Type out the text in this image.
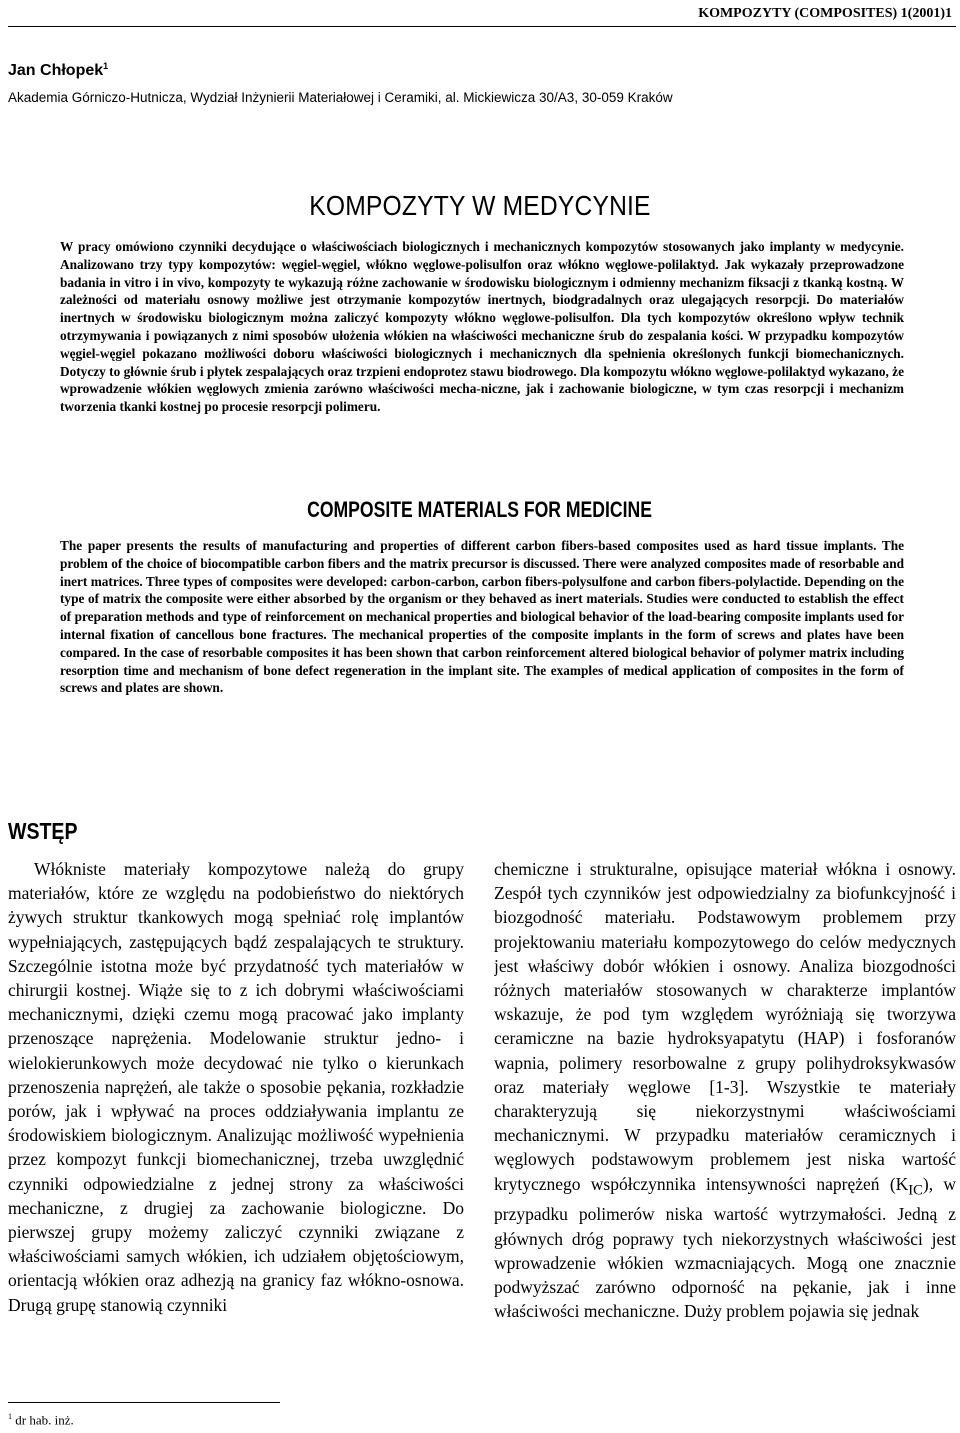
KOMPOZYTY (COMPOSITES) 1(2001)1
Jan Chłopek$^1$
Akademia Górniczo-Hutnicza, Wydział Inżynierii Materiałowej i Ceramiki, al. Mickiewicza 30/A3, 30-059 Kraków
KOMPOZYTY W MEDYCYNIE
W pracy omówiono czynniki decydujące o właściwościach biologicznych i mechanicznych kompozytów stosowanych jako implanty w medycynie. Analizowano trzy typy kompozytów: węgiel-węgiel, włókno węglowe-polisulfon oraz włókno węglowe-polilaktyd. Jak wykazały przeprowadzone badania in vitro i in vivo, kompozyty te wykazują różne zachowanie w środowisku biologicznym i odmienny mechanizm fiksacji z tkanką kostną. W zależności od materiału osnowy możliwe jest otrzymanie kompozytów inertnych, biodgradalnych oraz ulegających resorpcji. Do materiałów inertnych w środowisku biologicznym można zaliczyć kompozyty włókno węglowe-polisulfon. Dla tych kompozytów określono wpływ technik otrzymywania i powiązanych z nimi sposobów ułożenia włókien na właściwości mechaniczne śrub do zespalania kości. W przypadku kompozytów węgiel-węgiel pokazano możliwości doboru właściwości biologicznych i mechanicznych dla spełnienia określonych funkcji biomechanicznych. Dotyczy to głównie śrub i płytek zespalających oraz trzpieni endoprotez stawu biodrowego. Dla kompozytu włókno węglowe-polilaktyd wykazano, że wprowadzenie włókien węglowych zmienia zarówno właściwości mecha-niczne, jak i zachowanie biologiczne, w tym czas resorpcji i mechanizm tworzenia tkanki kostnej po procesie resorpcji polimeru.
COMPOSITE MATERIALS FOR MEDICINE
The paper presents the results of manufacturing and properties of different carbon fibers-based composites used as hard tissue implants. The problem of the choice of biocompatible carbon fibers and the matrix precursor is discussed. There were analyzed composites made of resorbable and inert matrices. Three types of composites were developed: carbon-carbon, carbon fibers-polysulfone and carbon fibers-polylactide. Depending on the type of matrix the composite were either absorbed by the organism or they behaved as inert materials. Studies were conducted to establish the effect of preparation methods and type of reinforcement on mechanical properties and biological behavior of the load-bearing composite implants used for internal fixation of cancellous bone fractures. The mechanical properties of the composite implants in the form of screws and plates have been compared. In the case of resorbable composites it has been shown that carbon reinforcement altered biological behavior of polymer matrix including resorption time and mechanism of bone defect regeneration in the implant site. The examples of medical application of composites in the form of screws and plates are shown.
WSTĘP
Włókniste materiały kompozytowe należą do grupy materiałów, które ze względu na podobieństwo do niektórych żywych struktur tkankowych mogą spełniać rolę implantów wypełniających, zastępujących bądź zespalających te struktury. Szczególnie istotna może być przydatność tych materiałów w chirurgii kostnej. Wiąże się to z ich dobrymi właściwościami mechanicznymi, dzięki czemu mogą pracować jako implanty przenoszące naprężenia. Modelowanie struktur jedno- i wielokierunkowych może decydować nie tylko o kierunkach przenoszenia naprężeń, ale także o sposobie pękania, rozkładzie porów, jak i wpływać na proces oddziaływania implantu ze środowiskiem biologicznym. Analizując możliwość wypełnienia przez kompozyt funkcji biomechanicznej, trzeba uwzględnić czynniki odpowiedzialne z jednej strony za właściwości mechaniczne, z drugiej za zachowanie biologiczne. Do pierwszej grupy możemy zaliczyć czynniki związane z właściwościami samych włókien, ich udziałem objętościowym, orientacją włókien oraz adhezją na granicy faz włókno-osnowa. Drugą grupę stanowią czynniki
chemiczne i strukturalne, opisujące materiał włókna i osnowy. Zespół tych czynników jest odpowiedzialny za biofunkcyjność i biozgodność materiału. Podstawowym problemem przy projektowaniu materiału kompozytowego do celów medycznych jest właściwy dobór włókien i osnowy. Analiza biozgodności różnych materiałów stosowanych w charakterze implantów wskazuje, że pod tym względem wyróżniają się tworzywa ceramiczne na bazie hydroksyapatytu (HAP) i fosforanów wapnia, polimery resorbowalne z grupy polihydroksykwasów oraz materiały węglowe [1-3]. Wszystkie te materiały charakteryzują się niekorzystnymi właściwościami mechanicznymi. W przypadku materiałów ceramicznych i węglowych podstawowym problemem jest niska wartość krytycznego współczynnika intensywności naprężeń $(K_{IC})$, w przypadku polimerów niska wartość wytrzymałości. Jedną z głównych dróg poprawy tych niekorzystnych właściwości jest wprowadzenie włókien wzmacniających. Mogą one znacznie podwyższać zarówno odporność na pękanie, jak i inne właściwości mechaniczne. Duży problem pojawia się jednak
$^1$ dr hab. inż.
